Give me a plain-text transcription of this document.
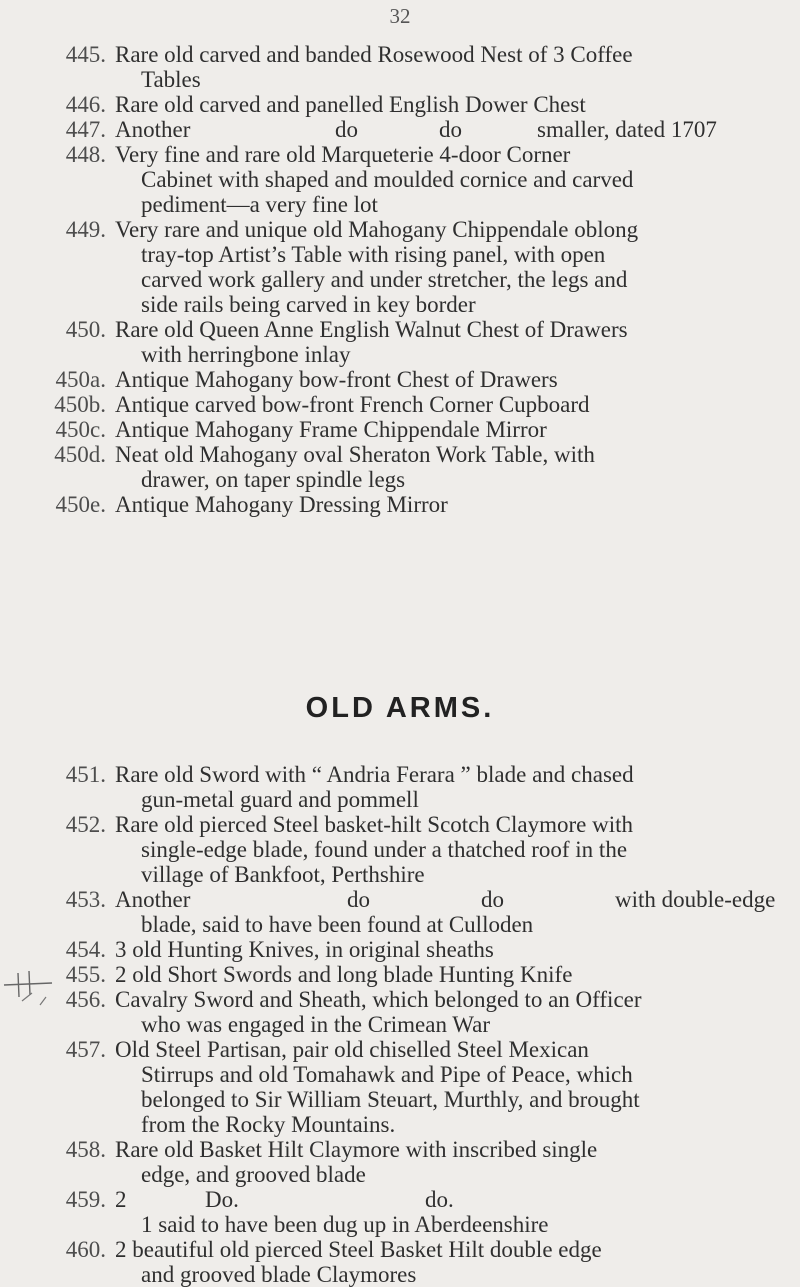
32
445. Rare old carved and banded Rosewood Nest of 3 Coffee
Tables
446. Rare old carved and panelled English Dower Chest
447. Another	do	do	smaller, dated 1707
448. Very fine and rare old Marqueterie 4-door Corner
Cabinet with shaped and moulded cornice and carved
pediment—a very fine lot
449. Very rare and unique old Mahogany Chippendale oblong
tray-top Artist’s Table with rising panel, with open
carved work gallery and under stretcher, the legs and
side rails being carved in key border
450. Rare old Queen Anne English Walnut Chest of Drawers
with herringbone inlay
450a. Antique Mahogany bow-front Chest of Drawers
450b. Antique carved bow-front French Corner Cupboard
450c. Antique Mahogany Frame Chippendale Mirror
450d. Neat old Mahogany oval Sheraton Work Table, with
drawer, on taper spindle legs
450e. Antique Mahogany Dressing Mirror
OLD ARMS.
451. Rare old Sword with “ Andria Ferara ” blade and chased
gun-metal guard and pommell
452. Rare old pierced Steel basket-hilt Scotch Claymore with
single-edge blade, found under a thatched roof in the
village of Bankfoot, Perthshire
453. Another	do	do	with double-edge
blade, said to have been found at Culloden
454. 3 old Hunting Knives, in original sheaths
455. 2 old Short Swords and long blade Hunting Knife
456. Cavalry Sword and Sheath, which belonged to an Officer
who was engaged in the Crimean War
457. Old Steel Partisan, pair old chiselled Steel Mexican
Stirrups and old Tomahawk and Pipe of Peace, which
belonged to Sir William Steuart, Murthly, and brought
from the Rocky Mountains.
458. Rare old Basket Hilt Claymore with inscribed single
edge, and grooved blade
459. 2	Do.	do.
1 said to have been dug up in Aberdeenshire
460. 2 beautiful old pierced Steel Basket Hilt double edge
and grooved blade Claymores
